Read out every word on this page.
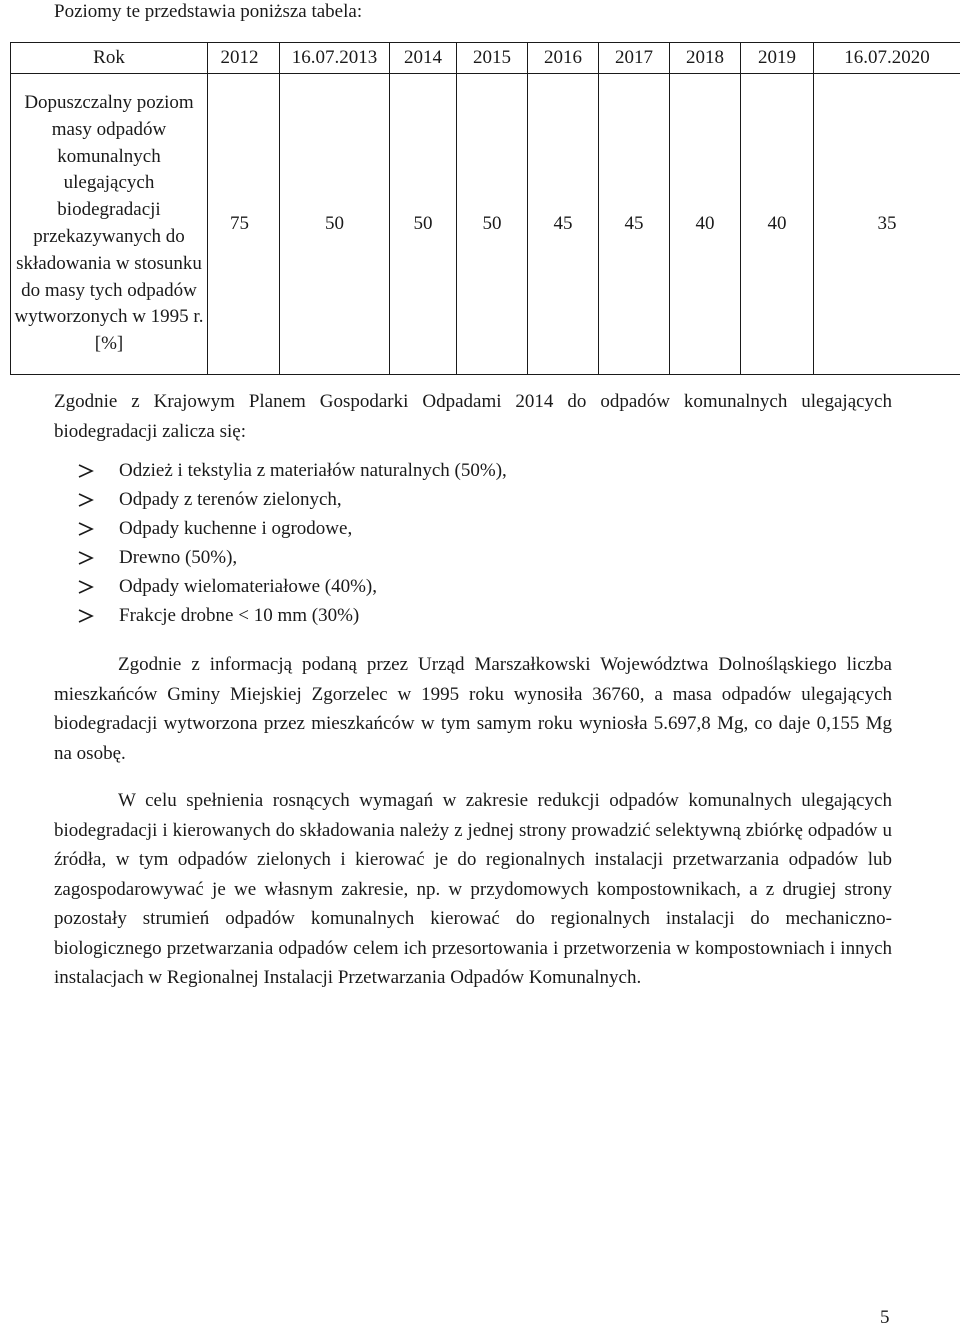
Poziomy te przedstawia poniższa tabela:

Rok	2012	16.07.2013	2014	2015	2016	2017	2018	2019	16.07.2020
Dopuszczalny poziom masy odpadów komunalnych ulegających biodegradacji przekazywanych do składowania w stosunku do masy tych odpadów wytworzonych w 1995 r. [%]	75	50	50	50	45	45	40	40	35

Zgodnie z Krajowym Planem Gospodarki Odpadami 2014 do odpadów komunalnych ulegających biodegradacji zalicza się:

Odzież i tekstylia z materiałów naturalnych (50%),
Odpady z terenów zielonych,
Odpady kuchenne i ogrodowe,
Drewno (50%),
Odpady wielomateriałowe (40%),
Frakcje drobne < 10 mm (30%)

Zgodnie z informacją podaną przez Urząd Marszałkowski Województwa Dolnośląskiego liczba mieszkańców Gminy Miejskiej Zgorzelec w 1995 roku wynosiła 36760, a masa odpadów ulegających biodegradacji wytworzona przez mieszkańców w tym samym roku wyniosła 5.697,8 Mg, co daje 0,155 Mg na osobę.

W celu spełnienia rosnących wymagań w zakresie redukcji odpadów komunalnych ulegających biodegradacji i kierowanych do składowania należy z jednej strony prowadzić selektywną zbiórkę odpadów u źródła, w tym odpadów zielonych i kierować je do regionalnych instalacji przetwarzania odpadów lub zagospodarowywać je we własnym zakresie, np. w przydomowych kompostownikach, a z drugiej strony pozostały strumień odpadów komunalnych kierować do regionalnych instalacji do mechaniczno-biologicznego przetwarzania odpadów celem ich przesortowania i przetworzenia w kompostowniach i innych instalacjach w Regionalnej Instalacji Przetwarzania Odpadów Komunalnych.

5
